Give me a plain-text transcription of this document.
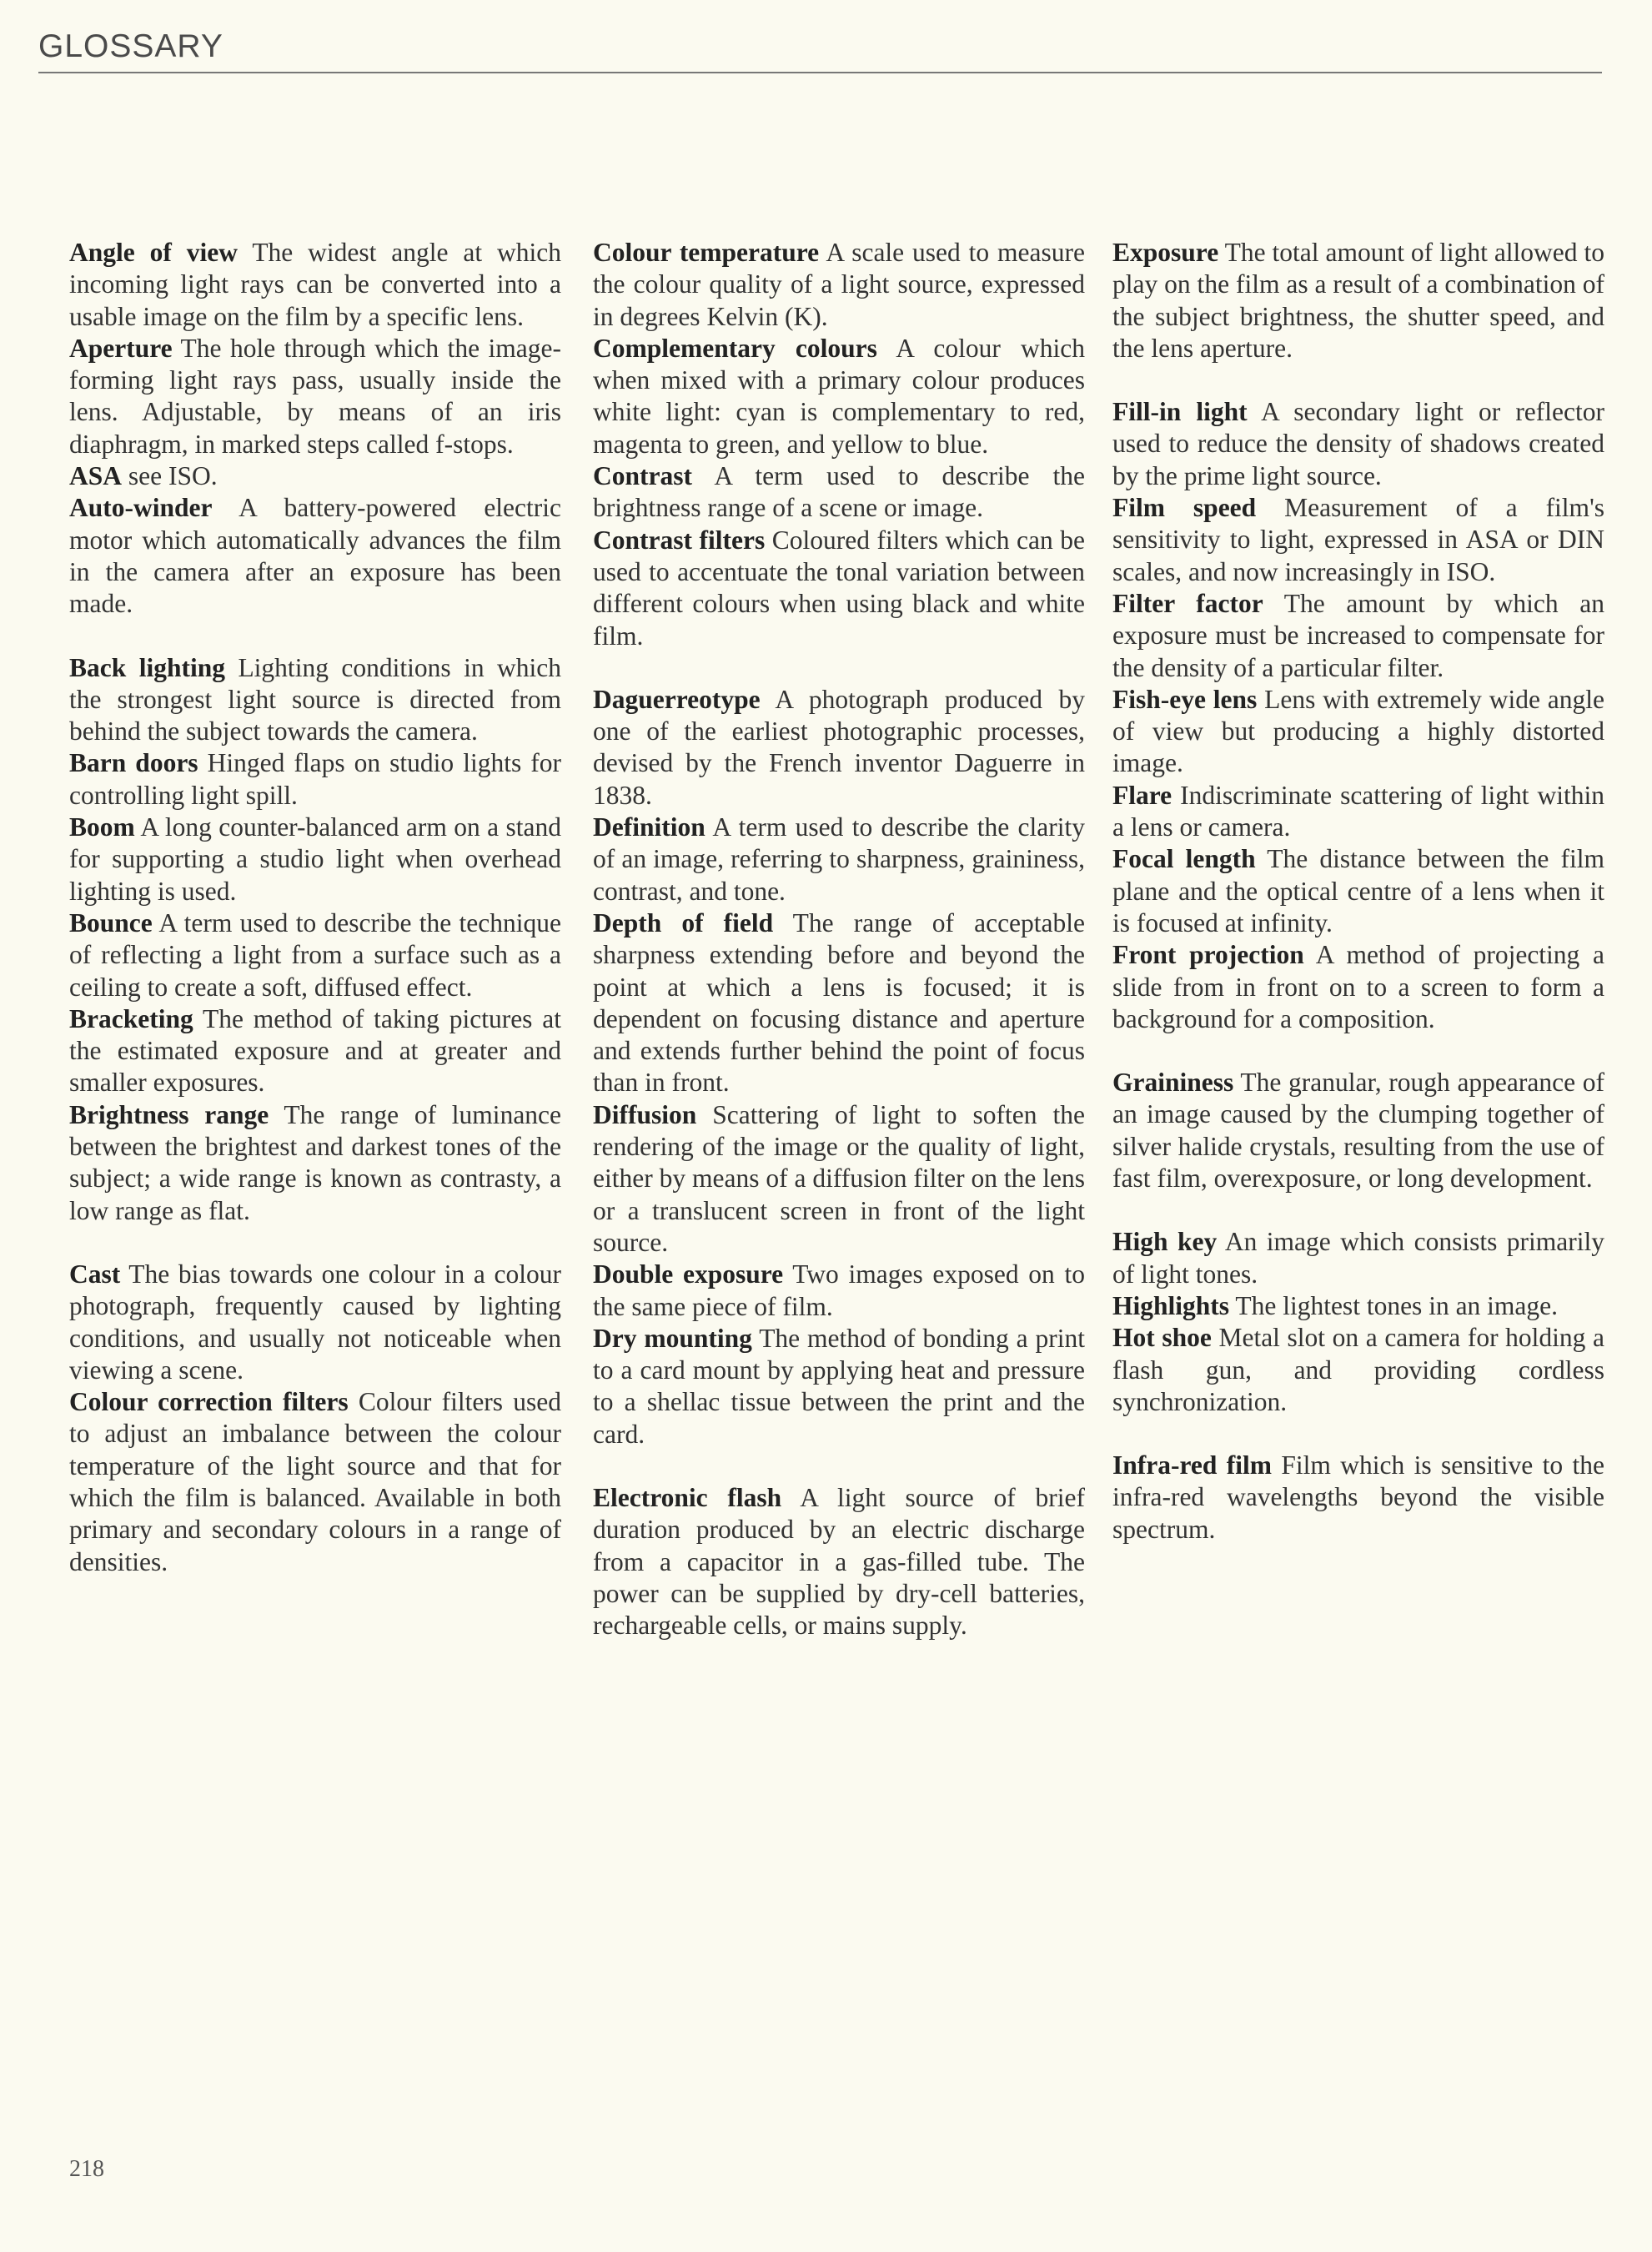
GLOSSARY

Angle of view The widest angle at which incoming light rays can be converted into a usable image on the film by a specific lens.

Aperture The hole through which the image-forming light rays pass, usually inside the lens. Adjustable, by means of an iris diaphragm, in marked steps called f-stops.

ASA see ISO.

Auto-winder A battery-powered electric motor which automatically advances the film in the camera after an exposure has been made.

Back lighting Lighting conditions in which the strongest light source is directed from behind the subject towards the camera.

Barn doors Hinged flaps on studio lights for controlling light spill.

Boom A long counter-balanced arm on a stand for supporting a studio light when overhead lighting is used.

Bounce A term used to describe the technique of reflecting a light from a surface such as a ceiling to create a soft, diffused effect.

Bracketing The method of taking pictures at the estimated exposure and at greater and smaller exposures.

Brightness range The range of luminance between the brightest and darkest tones of the subject; a wide range is known as contrasty, a low range as flat.

Cast The bias towards one colour in a colour photograph, frequently caused by lighting conditions, and usually not noticeable when viewing a scene.

Colour correction filters Colour filters used to adjust an imbalance between the colour temperature of the light source and that for which the film is balanced. Available in both primary and secondary colours in a range of densities.

Colour temperature A scale used to measure the colour quality of a light source, expressed in degrees Kelvin (K).

Complementary colours A colour which when mixed with a primary colour produces white light: cyan is complementary to red, magenta to green, and yellow to blue.

Contrast A term used to describe the brightness range of a scene or image.

Contrast filters Coloured filters which can be used to accentuate the tonal variation between different colours when using black and white film.

Daguerreotype A photograph produced by one of the earliest photographic processes, devised by the French inventor Daguerre in 1838.

Definition A term used to describe the clarity of an image, referring to sharpness, graininess, contrast, and tone.

Depth of field The range of acceptable sharpness extending before and beyond the point at which a lens is focused; it is dependent on focusing distance and aperture and extends further behind the point of focus than in front.

Diffusion Scattering of light to soften the rendering of the image or the quality of light, either by means of a diffusion filter on the lens or a translucent screen in front of the light source.

Double exposure Two images exposed on to the same piece of film.

Dry mounting The method of bonding a print to a card mount by applying heat and pressure to a shellac tissue between the print and the card.

Electronic flash A light source of brief duration produced by an electric discharge from a capacitor in a gas-filled tube. The power can be supplied by dry-cell batteries, rechargeable cells, or mains supply.

Exposure The total amount of light allowed to play on the film as a result of a combination of the subject brightness, the shutter speed, and the lens aperture.

Fill-in light A secondary light or reflector used to reduce the density of shadows created by the prime light source.

Film speed Measurement of a film's sensitivity to light, expressed in ASA or DIN scales, and now increasingly in ISO.

Filter factor The amount by which an exposure must be increased to compensate for the density of a particular filter.

Fish-eye lens Lens with extremely wide angle of view but producing a highly distorted image.

Flare Indiscriminate scattering of light within a lens or camera.

Focal length The distance between the film plane and the optical centre of a lens when it is focused at infinity.

Front projection A method of projecting a slide from in front on to a screen to form a background for a composition.

Graininess The granular, rough appearance of an image caused by the clumping together of silver halide crystals, resulting from the use of fast film, overexposure, or long development.

High key An image which consists primarily of light tones.

Highlights The lightest tones in an image.

Hot shoe Metal slot on a camera for holding a flash gun, and providing cordless synchronization.

Infra-red film Film which is sensitive to the infra-red wavelengths beyond the visible spectrum.

218
